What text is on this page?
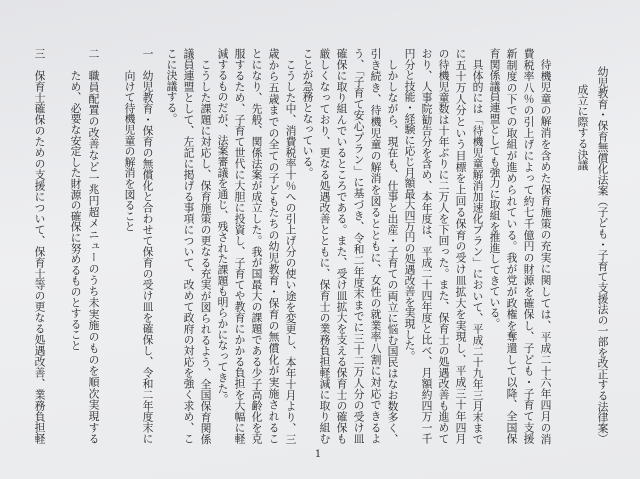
幼児教育・保育無償化法案（子ども・子育て支援法の一部を改正する法律案）
成立に際する決議
待機児童の解消を含めた保育施策の充実に関しては、平成二十六年四月の消
費税率八％の引上げによって約七千億円の財源を確保し、子ども・子育て支援
新制度の下での取組が進められている。我が党が政権を奪還して以降、全国保
育関係議員連盟としても強力に取組を推進してきている。
具体的には「待機児童解消加速化プラン」において、平成二十九年三月末まで
に五十万人分という目標を上回る保育の受け皿拡大を実現し、平成三十年四月
の待機児童数は十年ぶりに二万人を下回った。また、保育士の処遇改善も進めて
おり、人事院勧告分を含め、本年度は、平成二十四年度と比べ、月額約四万一千
円分と技能・経験に応じ月額最大四万円の処遇改善を実現した。
しかしながら、現在も、仕事と出産・子育ての両立に悩む国民はなお数多く、
引き続き、待機児童の解消を図るとともに、女性の就業率八割に対応できるよ
う、「子育て安心プラン」に基づき、令和二年度末までに三十二万人分の受け皿
確保に取り組んでいるところである。また、受け皿拡大を支える保育士の確保も
厳しくなっており、更なる処遇改善とともに、保育士の業務負担軽減に取り組む
ことが急務となっている。
こうした中、消費税率十％への引上げ分の使い途を変更し、本年十月より、三
歳から五歳までの全ての子どもたちの幼児教育・保育の無償化が実施されるこ
とになり、先般、関係法案が成立した。我が国最大の課題である少子高齢化を克
服するため、子育て世代に大胆に投資し、子育てや教育にかかる負担を大幅に軽
減するものだが、法案審議を通じ、残された課題も明らかになってきた。
こうした課題に対応し、保育施策の更なる充実が図られるよう、全国保育関係
議員連盟として、左記に掲げる事項について、改めて政府の対応を強く求め、こ
こに決議する。
一幼児教育・保育の無償化と合わせて保育の受け皿を確保し、令和二年度末に
向けて待機児童の解消を図ること
二職員配置の改善など一兆円超メニューのうち未実施のものを順次実現する
ため、必要な安定した財源の確保に努めるものとすること
三保育士確保のための支援について、保育士等の更なる処遇改善、業務負担軽
1
